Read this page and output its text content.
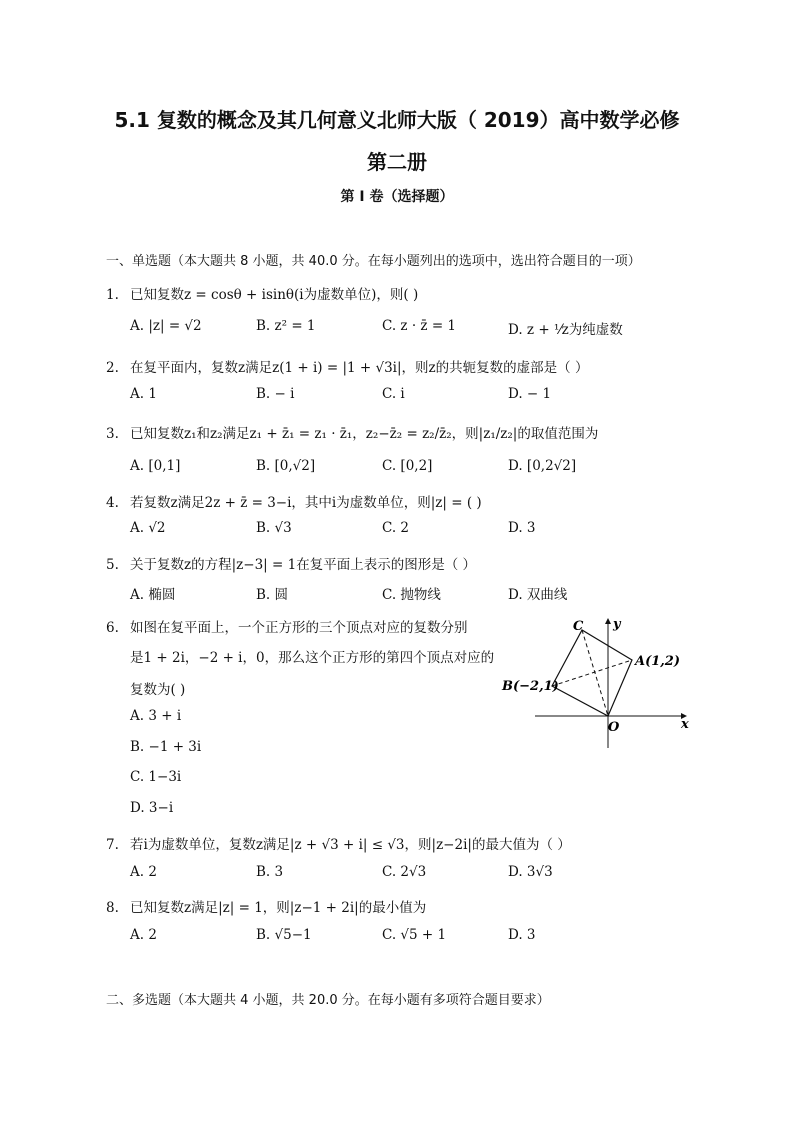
5.1 复数的概念及其几何意义北师大版（ 2019）高中数学必修
第二册
第 I 卷（选择题）
一、单选题（本大题共 8 小题，共 40.0 分。在每小题列出的选项中，选出符合题目的一项）
1. 已知复数z = cosθ + isinθ(i为虚数单位)，则( )
A. |z| = √2	B. z² = 1	C. z · z̄ = 1	D. z + ¹⁄z为纯虚数
2. 在复平面内，复数z满足z(1 + i) = |1 + √3i|，则z的共轭复数的虚部是（ ）
A. 1	B. − i	C. i	D. − 1
3. 已知复数z₁和z₂满足z₁ + z̄₁ = z₁ · z̄₁，z₂−z̄₂ = z₂/z̄₂，则|z₁/z₂|的取值范围为
A. [0,1]	B. [0,√2]	C. [0,2]	D. [0,2√2]
4. 若复数z满足2z + z̄ = 3−i，其中i为虚数单位，则|z| = ( )
A. √2	B. √3	C. 2	D. 3
5. 关于复数z的方程|z−3| = 1在复平面上表示的图形是（ ）
A. 椭圆	B. 圆	C. 抛物线	D. 双曲线
6. 如图在复平面上，一个正方形的三个顶点对应的复数分别
是1 + 2i，−2 + i，0，那么这个正方形的第四个顶点对应的
复数为( )
A. 3 + i
B. −1 + 3i
C. 1−3i
D. 3−i
C y
A(1,2)
B(−2,1)
O	x
7. 若i为虚数单位，复数z满足|z + √3 + i| ≤ √3，则|z−2i|的最大值为（ ）
A. 2	B. 3	C. 2√3	D. 3√3
8. 已知复数z满足|z| = 1，则|z−1 + 2i|的最小值为
A. 2	B. √5−1	C. √5 + 1	D. 3
二、多选题（本大题共 4 小题，共 20.0 分。在每小题有多项符合题目要求）
